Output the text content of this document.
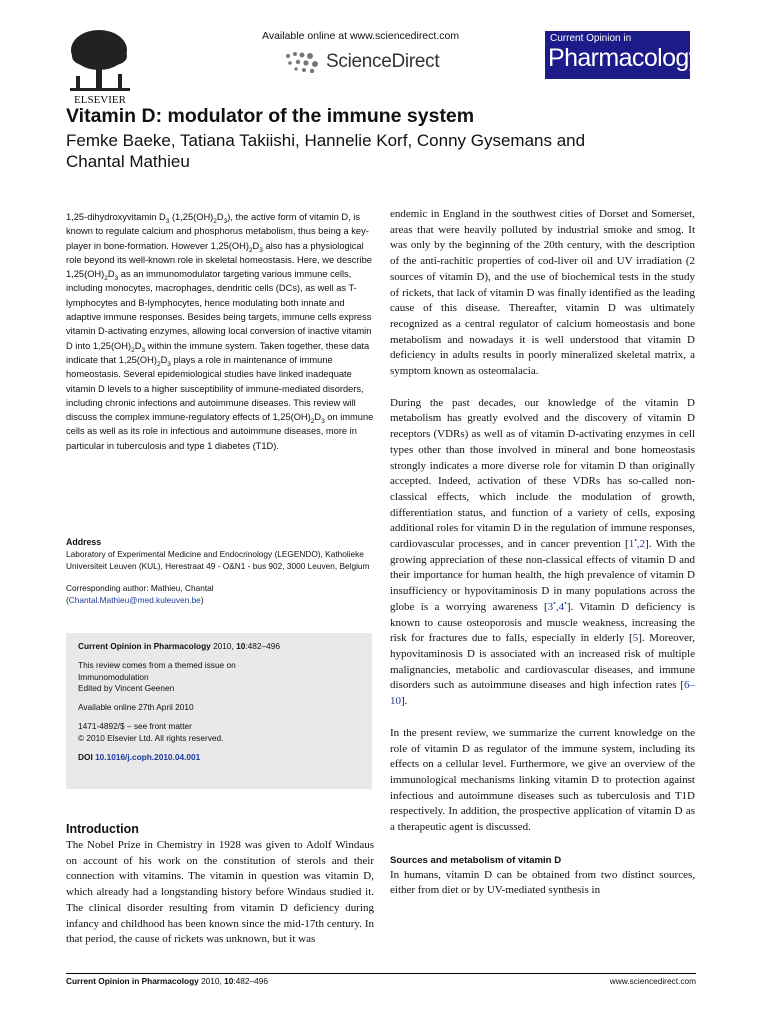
ELSEVIER
Available online at www.sciencedirect.com
ScienceDirect
Current Opinion in
Pharmacology
Vitamin D: modulator of the immune system
Femke Baeke, Tatiana Takiishi, Hannelie Korf, Conny Gysemans and
Chantal Mathieu

1,25-dihydroxyvitamin $D_3$ $(1,25(OH)_2D_3)$, the active form of vitamin D, is known to regulate calcium and phosphorus metabolism, thus being a key-player in bone-formation. However $1,25(OH)_2D_3$ also has a physiological role beyond its well-known role in skeletal homeostasis. Here, we describe $1,25(OH)_2D_3$ as an immunomodulator targeting various immune cells, including monocytes, macrophages, dendritic cells (DCs), as well as T-lymphocytes and B-lymphocytes, hence modulating both innate and adaptive immune responses. Besides being targets, immune cells express vitamin D-activating enzymes, allowing local conversion of inactive vitamin D into $1,25(OH)_2D_3$ within the immune system. Taken together, these data indicate that $1,25(OH)_2D_3$ plays a role in maintenance of immune homeostasis. Several epidemiological studies have linked inadequate vitamin D levels to a higher susceptibility of immune-mediated disorders, including chronic infections and autoimmune diseases. This review will discuss the complex immune-regulatory effects of $1,25(OH)_2D_3$ on immune cells as well as its role in infectious and autoimmune diseases, more in particular in tuberculosis and type 1 diabetes (T1D).

Address
Laboratory of Experimental Medicine and Endocrinology (LEGENDO), Katholieke Universiteit Leuven (KUL), Herestraat 49 - O&N1 - bus 902, 3000 Leuven, Belgium
Corresponding author: Mathieu, Chantal
(Chantal.Mathieu@med.kuleuven.be)

Current Opinion in Pharmacology 2010, 10:482–496

This review comes from a themed issue on
Immunomodulation
Edited by Vincent Geenen

Available online 27th April 2010

1471-4892/$ – see front matter
© 2010 Elsevier Ltd. All rights reserved.

DOI 10.1016/j.coph.2010.04.001

Introduction

The Nobel Prize in Chemistry in 1928 was given to Adolf Windaus on account of his work on the constitution of sterols and their connection with vitamins. The vitamin in question was vitamin D, which already had a longstanding history before Windaus studied it. The clinical disorder resulting from vitamin D deficiency during infancy and childhood has been known since the mid-17th century. In that period, the cause of rickets was unknown, but it was

endemic in England in the southwest cities of Dorset and Somerset, areas that were heavily polluted by industrial smoke and smog. It was only by the beginning of the 20th century, with the description of the anti-rachitic properties of cod-liver oil and UV irradiation (2 sources of vitamin D), and the use of biochemical tests in the study of rickets, that lack of vitamin D was finally identified as the leading cause of this disease. Thereafter, vitamin D was ultimately recognized as a central regulator of calcium homeostasis and bone metabolism and nowadays it is well understood that vitamin D deficiency in adults results in poorly mineralized skeletal matrix, a symptom known as osteomalacia.

During the past decades, our knowledge of the vitamin D metabolism has greatly evolved and the discovery of vitamin D receptors (VDRs) as well as of vitamin D-activating enzymes in cell types other than those involved in mineral and bone homeostasis strongly indicates a more diverse role for vitamin D than originally accepted. Indeed, activation of these VDRs has so-called non-classical effects, which include the modulation of growth, differentiation status, and function of a variety of cells, exposing additional roles for vitamin D in the regulation of immune responses, cardiovascular processes, and in cancer prevention [1•,2]. With the growing appreciation of these non-classical effects of vitamin D and their importance for human health, the high prevalence of vitamin D insufficiency or hypovitaminosis D in many populations across the globe is a worrying awareness [3•,4•]. Vitamin D deficiency is known to cause osteoporosis and muscle weakness, increasing the risk for fractures due to falls, especially in elderly [5]. Moreover, hypovitaminosis D is associated with an increased risk of multiple malignancies, metabolic and cardiovascular diseases, and immune disorders such as autoimmune diseases and high infection rates [6–10].

In the present review, we summarize the current knowledge on the role of vitamin D as regulator of the immune system, including its effects on a cellular level. Furthermore, we give an overview of the immunological mechanisms linking vitamin D to protection against infectious and autoimmune diseases such as tuberculosis and T1D respectively. In addition, the prospective application of vitamin D as a therapeutic agent is discussed.

Sources and metabolism of vitamin D

In humans, vitamin D can be obtained from two distinct sources, either from diet or by UV-mediated synthesis in

Current Opinion in Pharmacology 2010, 10:482–496	www.sciencedirect.com
